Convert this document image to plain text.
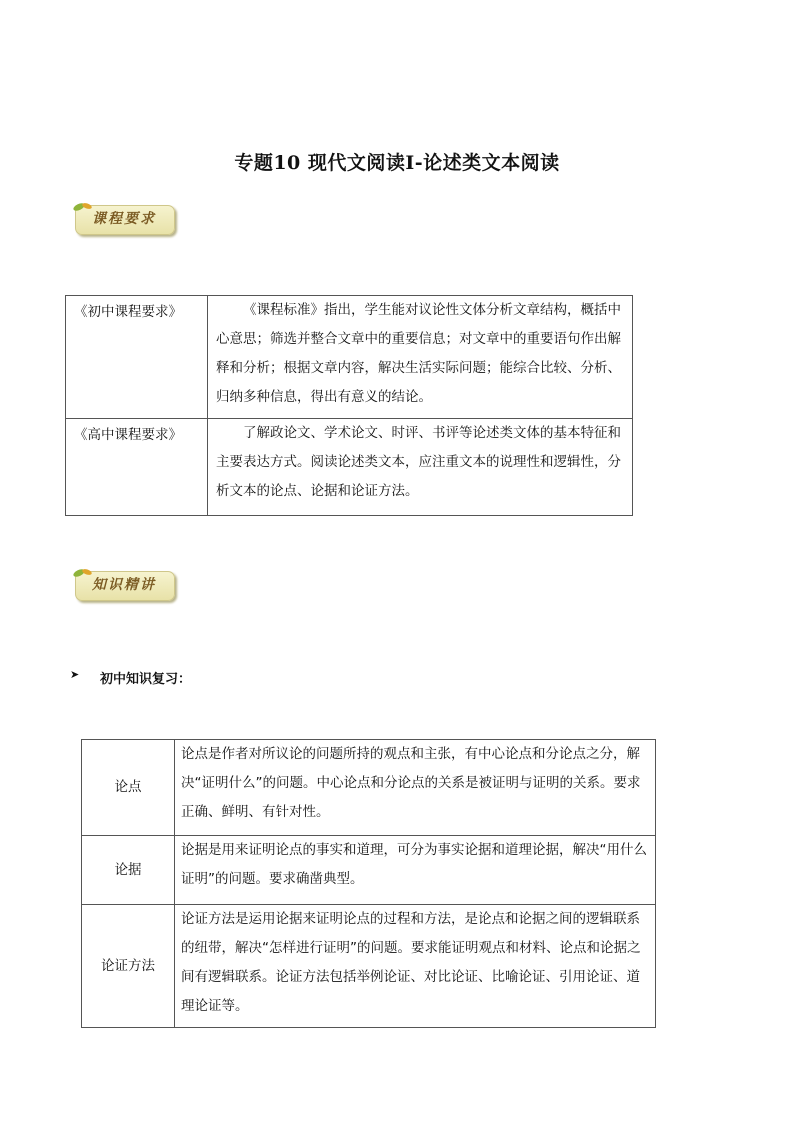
专题10 现代文阅读Ⅰ-论述类文本阅读
课程要求
《初中课程要求》	《课程标准》指出，学生能对议论性文体分析文章结构，概括中心意思；筛选并整合文章中的重要信息；对文章中的重要语句作出解释和分析；根据文章内容，解决生活实际问题；能综合比较、分析、归纳多种信息，得出有意义的结论。
《高中课程要求》	了解政论文、学术论文、时评、书评等论述类文体的基本特征和主要表达方式。阅读论述类文本，应注重文本的说理性和逻辑性，分析文本的论点、论据和论证方法。
知识精讲
➤ 初中知识复习：
论点	论点是作者对所议论的问题所持的观点和主张，有中心论点和分论点之分，解决“证明什么”的问题。中心论点和分论点的关系是被证明与证明的关系。要求正确、鲜明、有针对性。
论据	论据是用来证明论点的事实和道理，可分为事实论据和道理论据，解决“用什么证明”的问题。要求确凿典型。
论证方法	论证方法是运用论据来证明论点的过程和方法，是论点和论据之间的逻辑联系的纽带，解决“怎样进行证明”的问题。要求能证明观点和材料、论点和论据之间有逻辑联系。论证方法包括举例论证、对比论证、比喻论证、引用论证、道理论证等。
